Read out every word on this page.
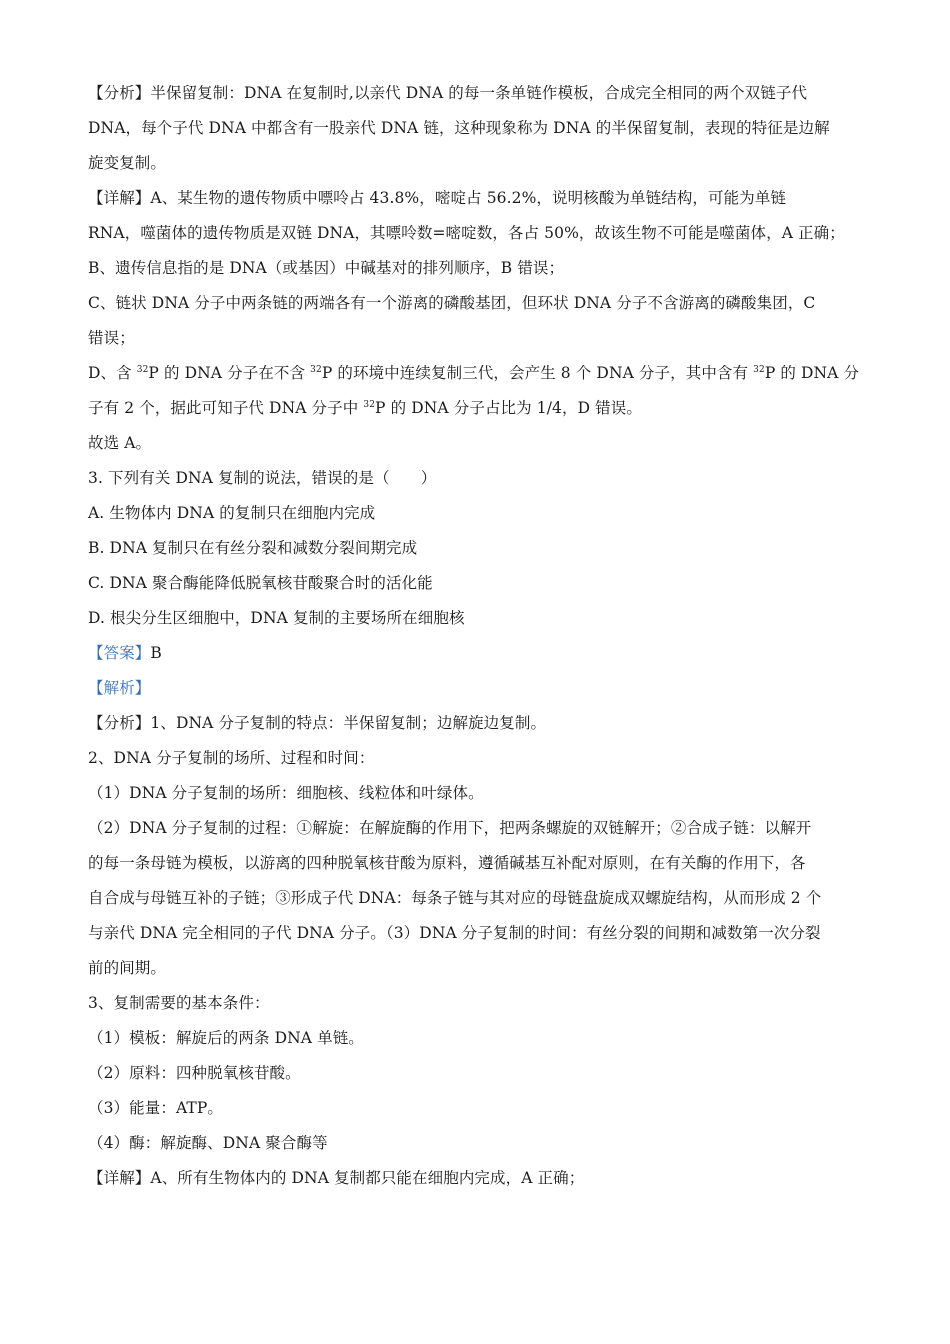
【分析】半保留复制：DNA 在复制时,以亲代 DNA 的每一条单链作模板，合成完全相同的两个双链子代
DNA，每个子代 DNA 中都含有一股亲代 DNA 链，这种现象称为 DNA 的半保留复制，表现的特征是边解
旋变复制。
【详解】A、某生物的遗传物质中嘌呤占 43.8%，嘧啶占 56.2%，说明核酸为单链结构，可能为单链
RNA，噬菌体的遗传物质是双链 DNA，其嘌呤数=嘧啶数，各占 50%，故该生物不可能是噬菌体，A 正确；
B、遗传信息指的是 DNA（或基因）中碱基对的排列顺序，B 错误；
C、链状 DNA 分子中两条链的两端各有一个游离的磷酸基团，但环状 DNA 分子不含游离的磷酸集团，C
错误；
D、含 $^{32}$P 的 DNA 分子在不含 $^{32}$P 的环境中连续复制三代，会产生 8 个 DNA 分子，其中含有 $^{32}$P 的 DNA 分
子有 2 个，据此可知子代 DNA 分子中 $^{32}$P 的 DNA 分子占比为 1/4，D 错误。
故选 A。
3. 下列有关 DNA 复制的说法，错误的是（　　）
A. 生物体内 DNA 的复制只在细胞内完成
B. DNA 复制只在有丝分裂和减数分裂间期完成
C. DNA 聚合酶能降低脱氧核苷酸聚合时的活化能
D. 根尖分生区细胞中，DNA 复制的主要场所在细胞核
【答案】B
【解析】
【分析】1、DNA 分子复制的特点：半保留复制；边解旋边复制。
2、DNA 分子复制的场所、过程和时间：
（1）DNA 分子复制的场所：细胞核、线粒体和叶绿体。
（2）DNA 分子复制的过程：①解旋：在解旋酶的作用下，把两条螺旋的双链解开；②合成子链：以解开
的每一条母链为模板，以游离的四种脱氧核苷酸为原料，遵循碱基互补配对原则，在有关酶的作用下，各
自合成与母链互补的子链；③形成子代 DNA：每条子链与其对应的母链盘旋成双螺旋结构，从而形成 2 个
与亲代 DNA 完全相同的子代 DNA 分子。（3）DNA 分子复制的时间：有丝分裂的间期和减数第一次分裂
前的间期。
3、复制需要的基本条件：
（1）模板：解旋后的两条 DNA 单链。
（2）原料：四种脱氧核苷酸。
（3）能量：ATP。
（4）酶：解旋酶、DNA 聚合酶等
【详解】A、所有生物体内的 DNA 复制都只能在细胞内完成，A 正确；
